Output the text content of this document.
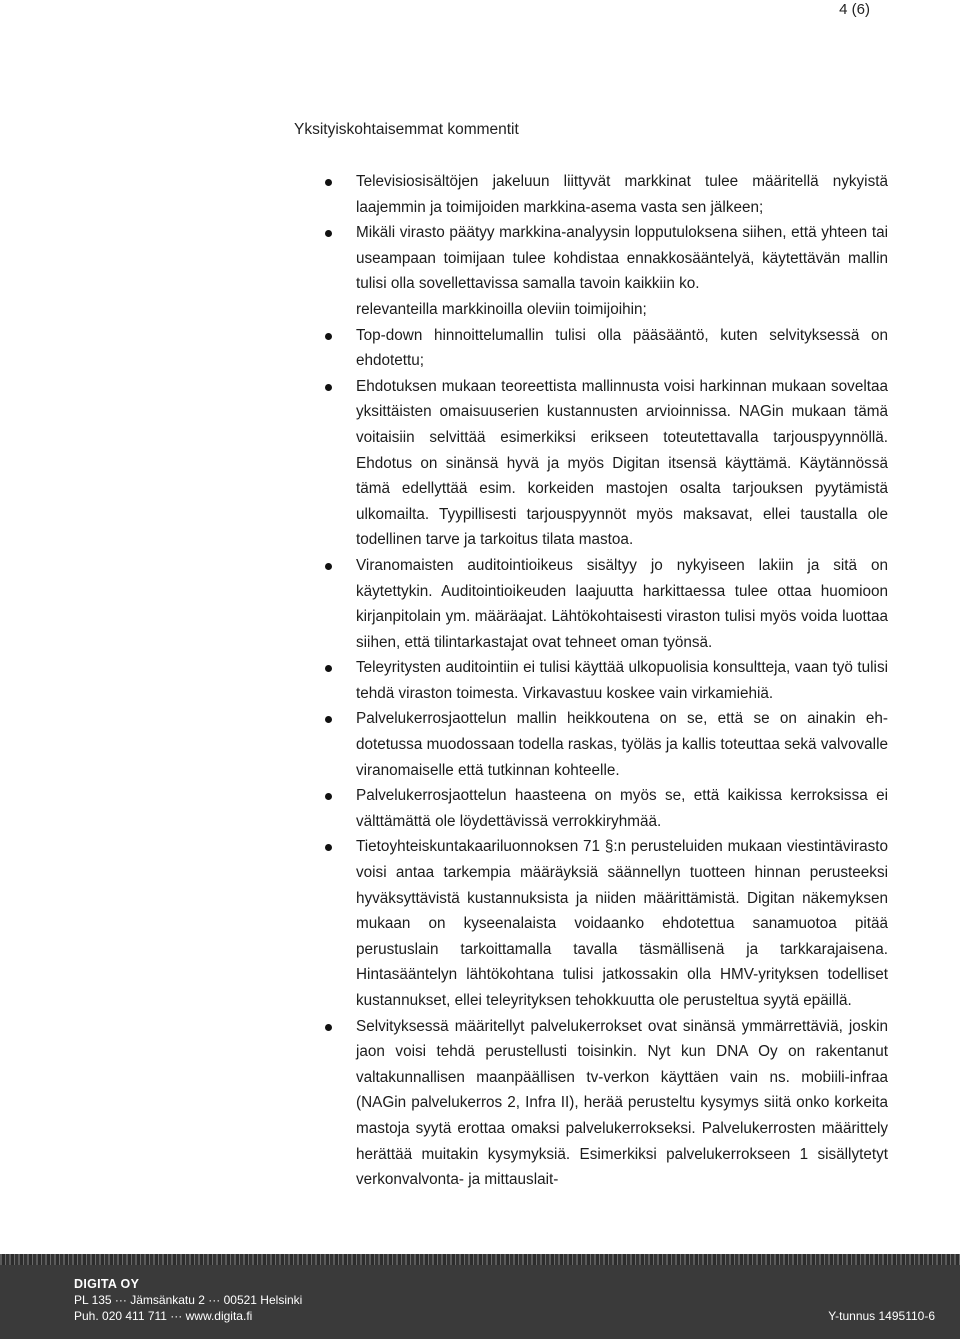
4 (6)
Yksityiskohtaisemmat kommentit
Televisiosisältöjen jakeluun liittyvät markkinat tulee määritellä nykyistä laajemmin ja toimijoiden markkina-asema vasta sen jälkeen;
Mikäli virasto päätyy markkina-analyysin lopputuloksena siihen, että yhteen tai useampaan toimijaan tulee kohdistaa ennakkosääntelyä, käytettävän mallin tulisi olla sovellettavissa samalla tavoin kaikkiin ko.
relevanteilla markkinoilla oleviin toimijoihin;
Top-down hinnoittelumallin tulisi olla pääsääntö, kuten selvityksessä on ehdotettu;
Ehdotuksen mukaan teoreettista mallinnusta voisi harkinnan mukaan soveltaa yksittäisten omaisuuserien kustannusten arvioinnissa. NAGin mukaan tämä voitaisiin selvittää esimerkiksi erikseen toteutettavalla tarjouspyynnöllä. Ehdotus on sinänsä hyvä ja myös Digitan itsensä käyttämä. Käytännössä tämä edellyttää esim. korkeiden mastojen osalta tarjouksen pyytämistä ulkomailta. Tyypillisesti tarjouspyynnöt myös maksavat, ellei taustalla ole todellinen tarve ja tarkoitus tilata mastoa.
Viranomaisten auditointioikeus sisältyy jo nykyiseen lakiin ja sitä on käytettykin. Auditointioikeuden laajuutta harkittaessa tulee ottaa huomioon kirjanpitolain ym. määräajat. Lähtökohtaisesti viraston tulisi myös voida luottaa siihen, että tilintarkastajat ovat tehneet oman työnsä.
Teleyritysten auditointiin ei tulisi käyttää ulkopuolisia konsultteja, vaan työ tulisi tehdä viraston toimesta. Virkavastuu koskee vain virkamiehiä.
Palvelukerrosjaottelun mallin heikkoutena on se, että se on ainakin ehdotetussa muodossaan todella raskas, työläs ja kallis toteuttaa sekä valvovalle viranomaiselle että tutkinnan kohteelle.
Palvelukerrosjaottelun haasteena on myös se, että kaikissa kerroksissa ei välttämättä ole löydettävissä verrokkiryhmää.
Tietoyhteiskuntakaariluonnoksen 71 §:n perusteluiden mukaan viestintävirasto voisi antaa tarkempia määräyksiä säännellyn tuotteen hinnan perusteeksi hyväksyttävistä kustannuksista ja niiden määrittämistä. Digitan näkemyksen mukaan on kyseenalaista voidaanko ehdotettua sanamuotoa pitää perustuslain tarkoittamalla tavalla täsmällisenä ja tarkkarajaisena. Hintasääntelyn lähtökohtana tulisi jatkossakin olla HMV-yrityksen todelliset kustannukset, ellei teleyrityksen tehokkuutta ole perusteltua syytä epäillä.
Selvityksessä määritellyt palvelukerrokset ovat sinänsä ymmärrettäviä, joskin jaon voisi tehdä perustellusti toisinkin. Nyt kun DNA Oy on rakentanut valtakunnallisen maanpäällisen tv-verkon käyttäen vain ns. mobiili-infraa (NAGin palvelukerros 2, Infra II), herää perusteltu kysymys siitä onko korkeita mastoja syytä erottaa omaksi palvelukerrokseksi. Palvelukerrosten määrittely herättää muitakin kysymyksiä. Esimerkiksi palvelukerrokseen 1 sisällytetyt verkonvalvonta- ja mittauslait-
DIGITA OY
PL 135 ··· Jämsänkatu 2 ··· 00521 Helsinki
Puh. 020 411 711 ··· www.digita.fi	Y-tunnus 1495110-6
